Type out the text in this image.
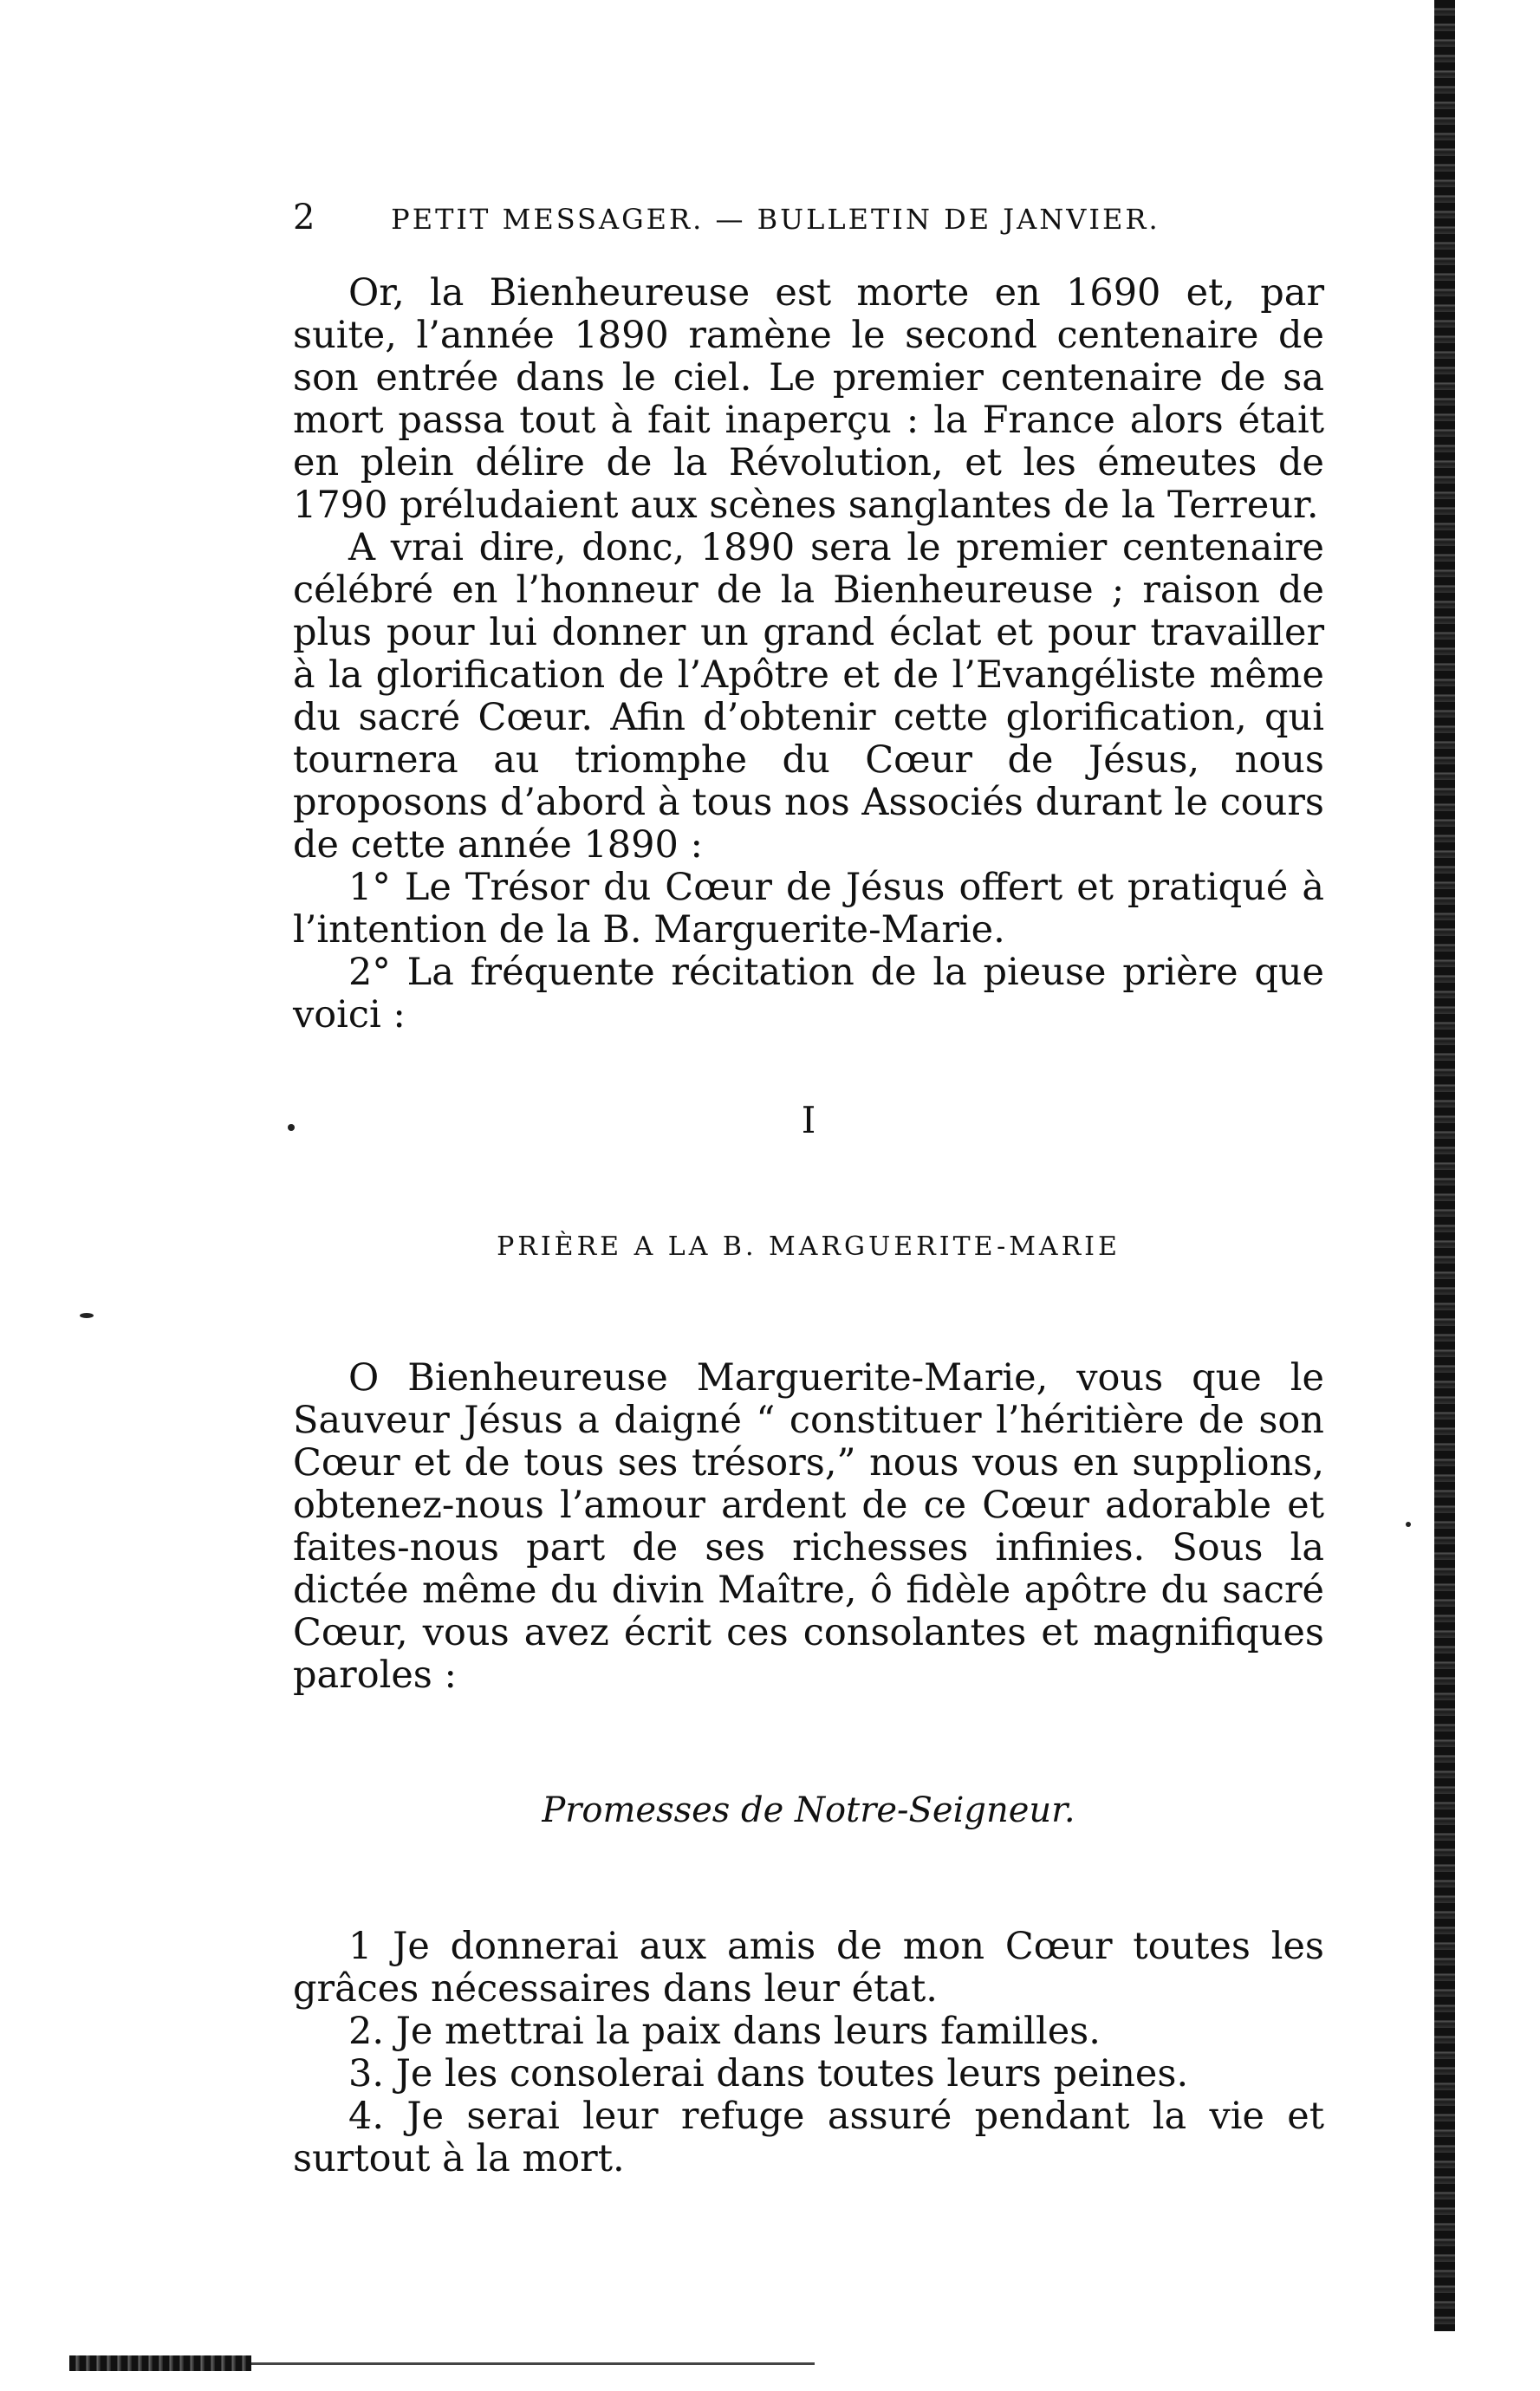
2	PETIT MESSAGER. — BULLETIN DE JANVIER.

Or, la Bienheureuse est morte en 1690 et, par suite, l’année 1890 ramène le second centenaire de son entrée dans le ciel. Le premier centenaire de sa mort passa tout à fait inaperçu : la France alors était en plein délire de la Révolution, et les émeutes de 1790 préludaient aux scènes sanglantes de la Terreur.

A vrai dire, donc, 1890 sera le premier centenaire célébré en l’honneur de la Bienheureuse ; raison de plus pour lui donner un grand éclat et pour travailler à la glorification de l’Apôtre et de l’Evangéliste même du sacré Cœur. Afin d’obtenir cette glorification, qui tournera au triomphe du Cœur de Jésus, nous proposons d’abord à tous nos Associés durant le cours de cette année 1890 :

1° Le Trésor du Cœur de Jésus offert et pratiqué à l’intention de la B. Marguerite-Marie.

2° La fréquente récitation de la pieuse prière que voici :

I
PRIÈRE A LA B. MARGUERITE-MARIE

O Bienheureuse Marguerite-Marie, vous que le Sauveur Jésus a daigné “ constituer l’héritière de son Cœur et de tous ses trésors,” nous vous en supplions, obtenez-nous l’amour ardent de ce Cœur adorable et faites-nous part de ses richesses infinies. Sous la dictée même du divin Maître, ô fidèle apôtre du sacré Cœur, vous avez écrit ces consolantes et magnifiques paroles :

Promesses de Notre-Seigneur.

1 Je donnerai aux amis de mon Cœur toutes les grâces nécessaires dans leur état.

2. Je mettrai la paix dans leurs familles.

3. Je les consolerai dans toutes leurs peines.

4. Je serai leur refuge assuré pendant la vie et surtout à la mort.
